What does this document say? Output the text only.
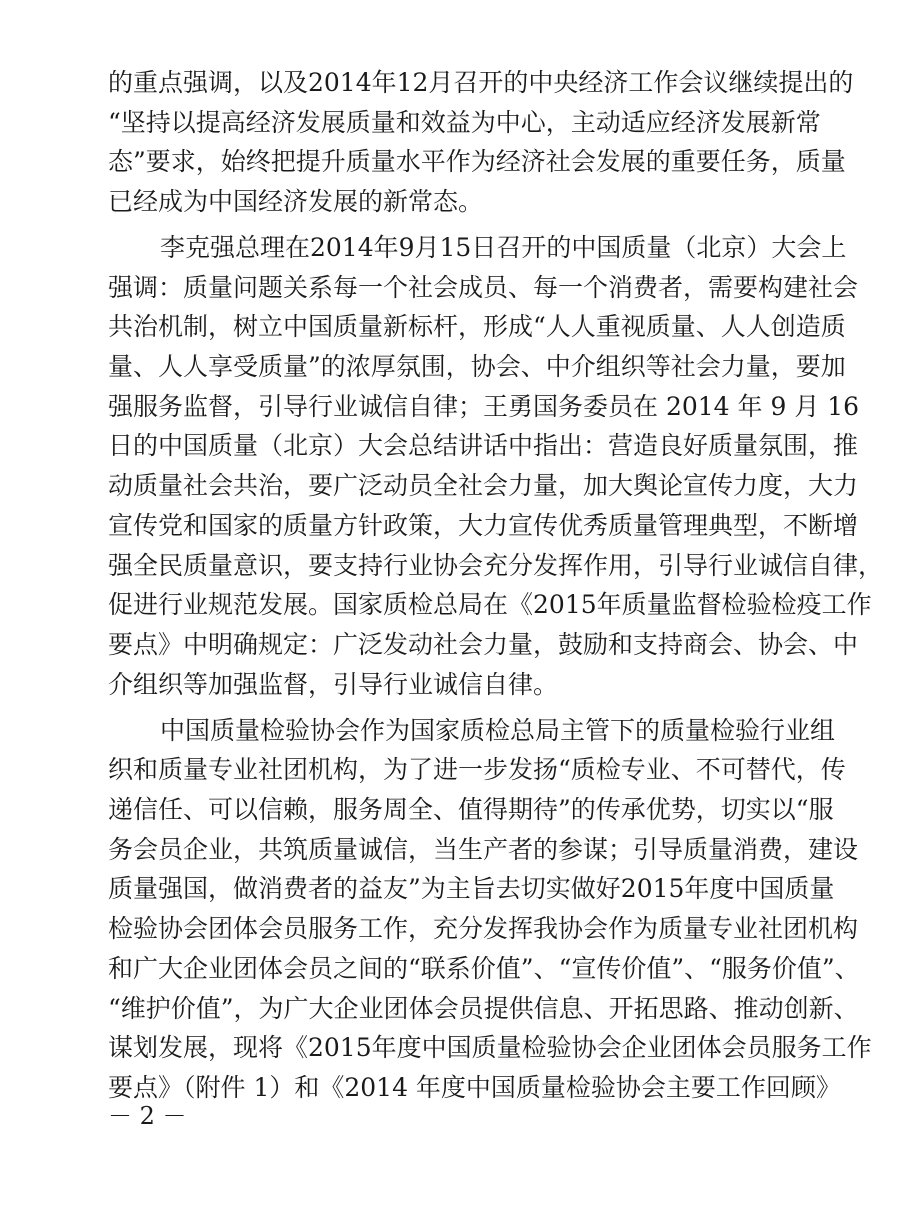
的重点强调，以及2014年12月召开的中央经济工作会议继续提出的
“坚持以提高经济发展质量和效益为中心，主动适应经济发展新常
态”要求，始终把提升质量水平作为经济社会发展的重要任务，质量
已经成为中国经济发展的新常态。
李克强总理在2014年9月15日召开的中国质量（北京）大会上
强调：质量问题关系每一个社会成员、每一个消费者，需要构建社会
共治机制，树立中国质量新标杆，形成“人人重视质量、人人创造质
量、人人享受质量”的浓厚氛围，协会、中介组织等社会力量，要加
强服务监督，引导行业诚信自律；王勇国务委员在 2014 年 9 月 16
日的中国质量（北京）大会总结讲话中指出：营造良好质量氛围，推
动质量社会共治，要广泛动员全社会力量，加大舆论宣传力度，大力
宣传党和国家的质量方针政策，大力宣传优秀质量管理典型，不断增
强全民质量意识，要支持行业协会充分发挥作用，引导行业诚信自律，
促进行业规范发展。国家质检总局在《2015年质量监督检验检疫工作
要点》中明确规定：广泛发动社会力量，鼓励和支持商会、协会、中
介组织等加强监督，引导行业诚信自律。
中国质量检验协会作为国家质检总局主管下的质量检验行业组
织和质量专业社团机构，为了进一步发扬“质检专业、不可替代，传
递信任、可以信赖，服务周全、值得期待”的传承优势，切实以“服
务会员企业，共筑质量诚信，当生产者的参谋；引导质量消费，建设
质量强国，做消费者的益友”为主旨去切实做好2015年度中国质量
检验协会团体会员服务工作，充分发挥我协会作为质量专业社团机构
和广大企业团体会员之间的“联系价值”、“宣传价值”、“服务价值”、
“维护价值”，为广大企业团体会员提供信息、开拓思路、推动创新、
谋划发展，现将《2015年度中国质量检验协会企业团体会员服务工作
要点》（附件 1）和《2014 年度中国质量检验协会主要工作回顾》
－ 2 －
